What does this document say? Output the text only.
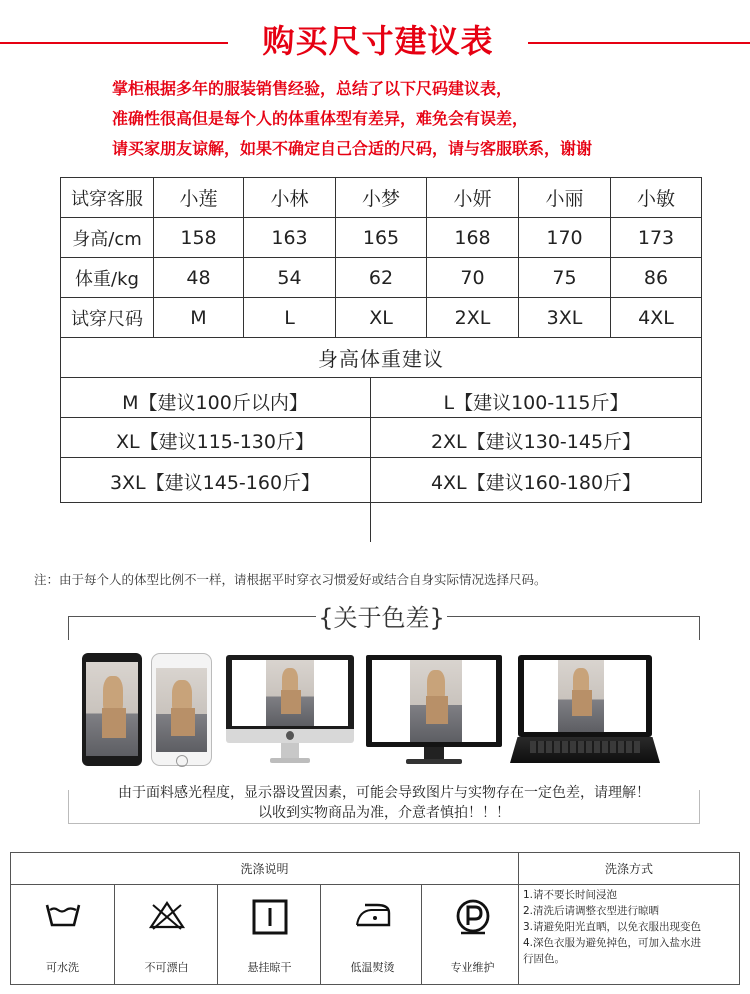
购买尺寸建议表
掌柜根据多年的服装销售经验，总结了以下尺码建议表，
准确性很高但是每个人的体重体型有差异，难免会有误差，
请买家朋友谅解，如果不确定自己合适的尺码，请与客服联系，谢谢
试穿客服	小莲	小林	小梦	小妍	小丽	小敏
身高/cm	158	163	165	168	170	173
体重/kg	48	54	62	70	75	86
试穿尺码	M	L	XL	2XL	3XL	4XL
身高体重建议
M【建议100斤以内】	L【建议100-115斤】
XL【建议115-130斤】	2XL【建议130-145斤】
3XL【建议145-160斤】	4XL【建议160-180斤】
注：由于每个人的体型比例不一样，请根据平时穿衣习惯爱好或结合自身实际情况选择尺码。
{关于色差}
由于面料感光程度，显示器设置因素，可能会导致图片与实物存在一定色差，请理解！
以收到实物商品为准，介意者慎拍！！！
洗涤说明	洗涤方式
可水洗	不可漂白	悬挂晾干	低温熨烫	专业维护
1.请不要长时间浸泡
2.清洗后请调整衣型进行晾晒
3.请避免阳光直晒，以免衣服出现变色
4.深色衣服为避免掉色，可加入盐水进
行固色。
